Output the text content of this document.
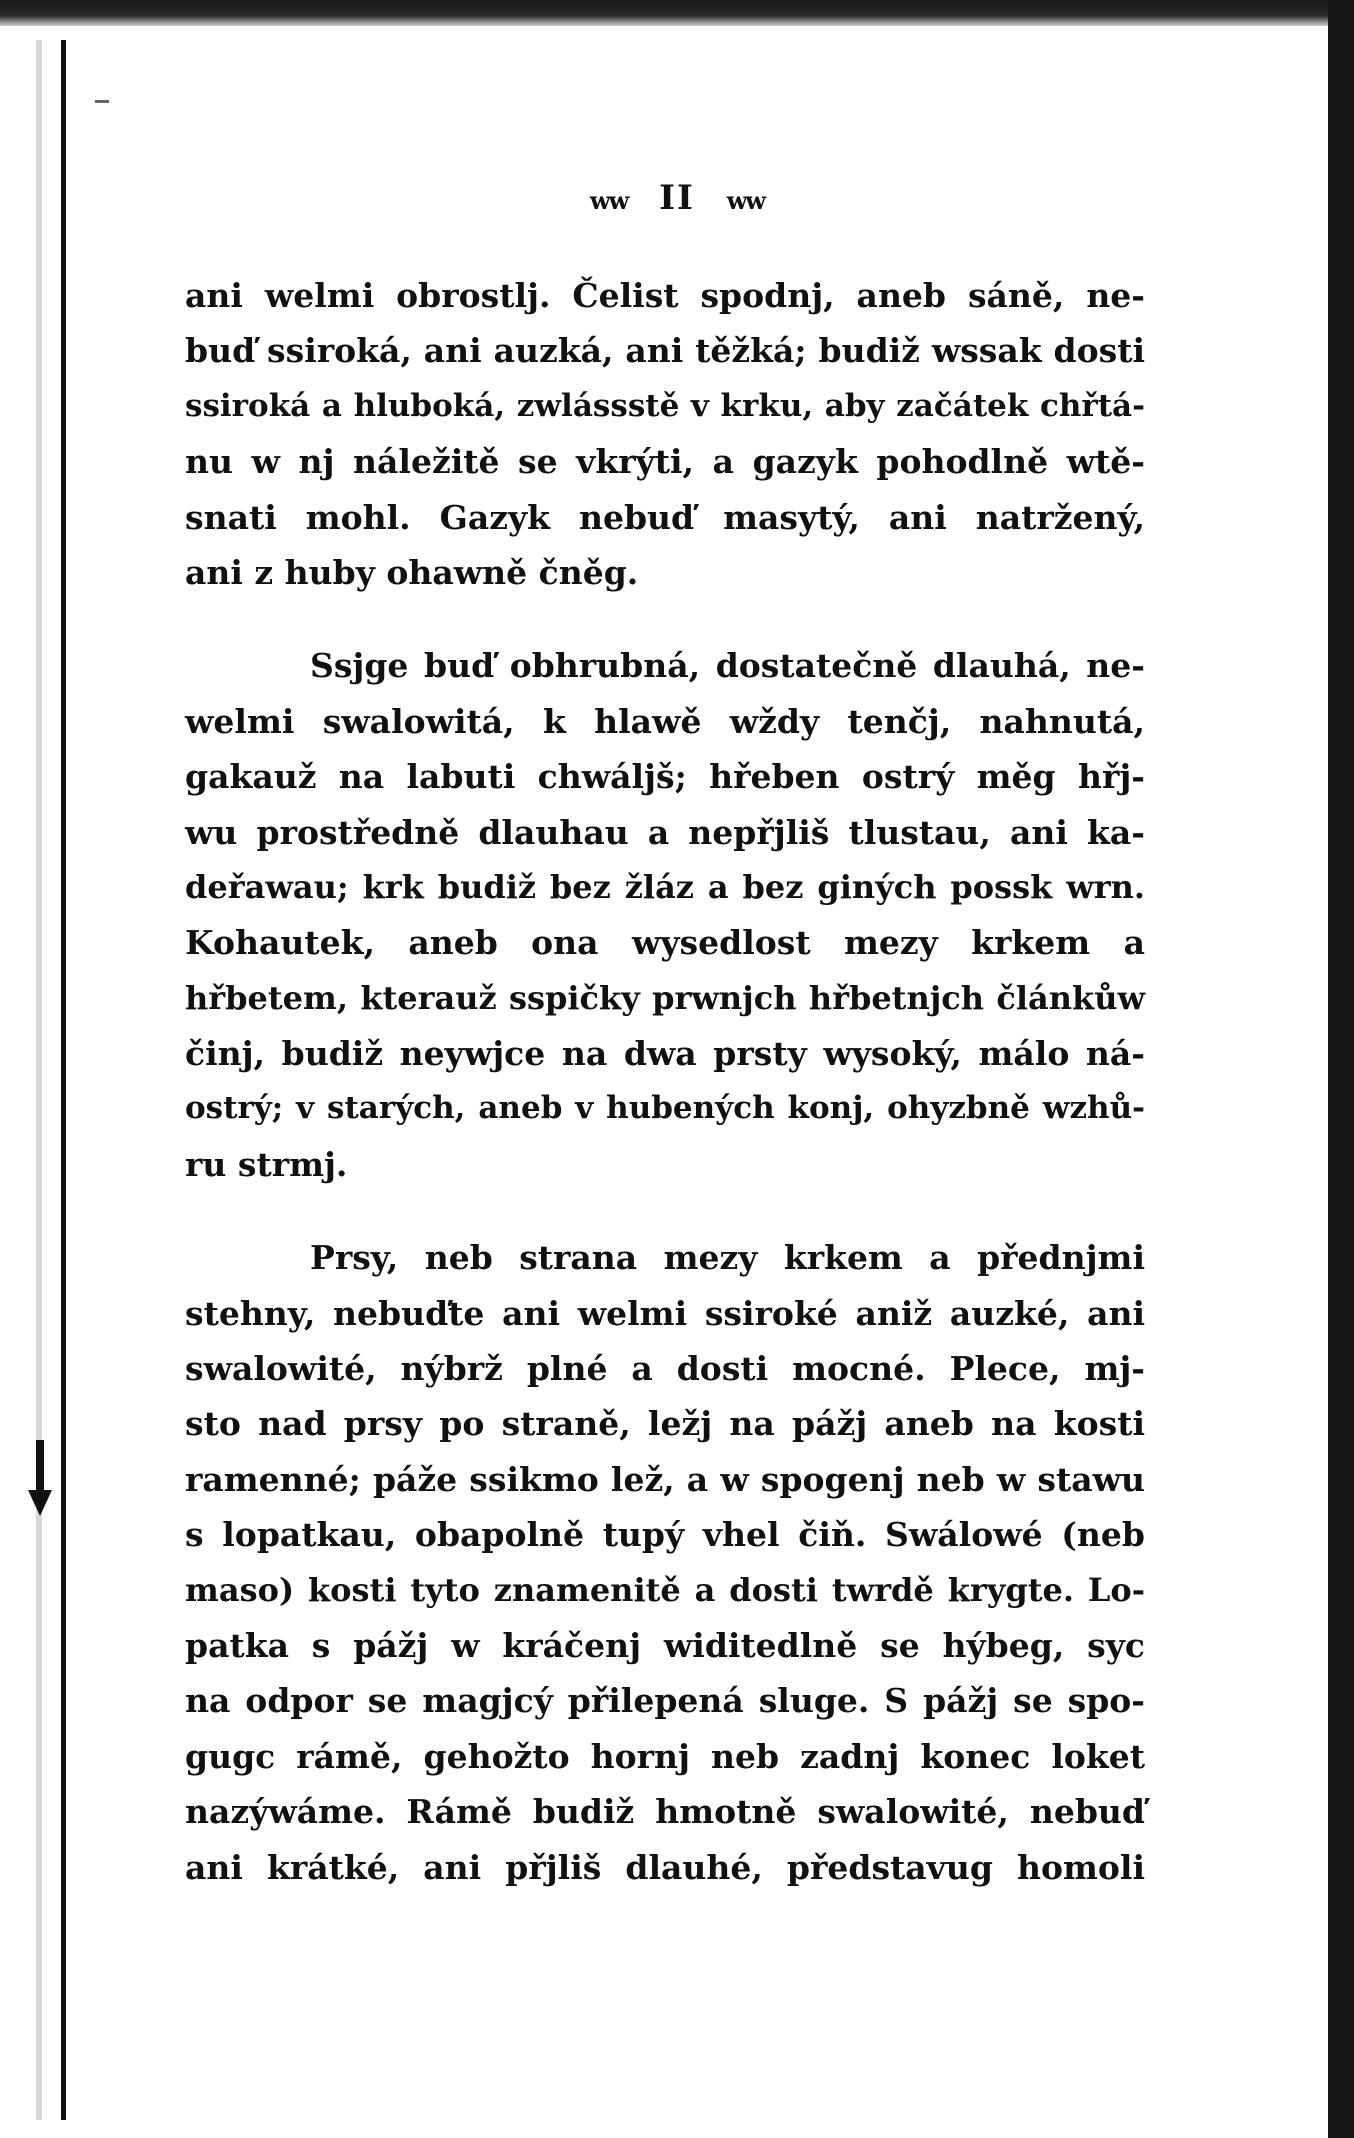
ww II ww
ani welmi obrostlj. Čelist spodnj, aneb sáně, ne-
buď ssiroká, ani auzká, ani těžká; budiž wssak dosti
ssiroká a hluboká, zwlássstě v krku, aby začátek chřtá-
nu w nj náležitě se vkrýti, a gazyk pohodlně wtě-
snati mohl. Gazyk nebuď masytý, ani natržený,
ani z huby ohawně čněg.
Ssjge buď obhrubná, dostatečně dlauhá, ne-
welmi swalowitá, k hlawě wždy tenčj, nahnutá,
gakauž na labuti chwáljš; hřeben ostrý měg hřj-
wu prostředně dlauhau a nepřjliš tlustau, ani ka-
deřawau; krk budiž bez žláz a bez giných possk wrn.
Kohautek, aneb ona wysedlost mezy krkem a
hřbetem, kterauž sspičky prwnjch hřbetnjch článkůw
činj, budiž neywjce na dwa prsty wysoký, málo ná-
ostrý; v starých, aneb v hubených konj, ohyzbně wzhů-
ru strmj.
Prsy, neb strana mezy krkem a přednjmi
stehny, nebuďte ani welmi ssiroké aniž auzké, ani
swalowité, nýbrž plné a dosti mocné. Plece, mj-
sto nad prsy po straně, ležj na pážj aneb na kosti
ramenné; páže ssikmo lež, a w spogenj neb w stawu
s lopatkau, obapolně tupý vhel čiň. Swálowé (neb
maso) kosti tyto znamenitě a dosti twrdě krygte. Lo-
patka s pážj w kráčenj widitedlně se hýbeg, syc
na odpor se magjcý přilepená sluge. S pážj se spo-
gugc rámě, gehožto hornj neb zadnj konec loket
nazýwáme. Rámě budiž hmotně swalowité, nebuď
ani krátké, ani přjliš dlauhé, představug homoli
